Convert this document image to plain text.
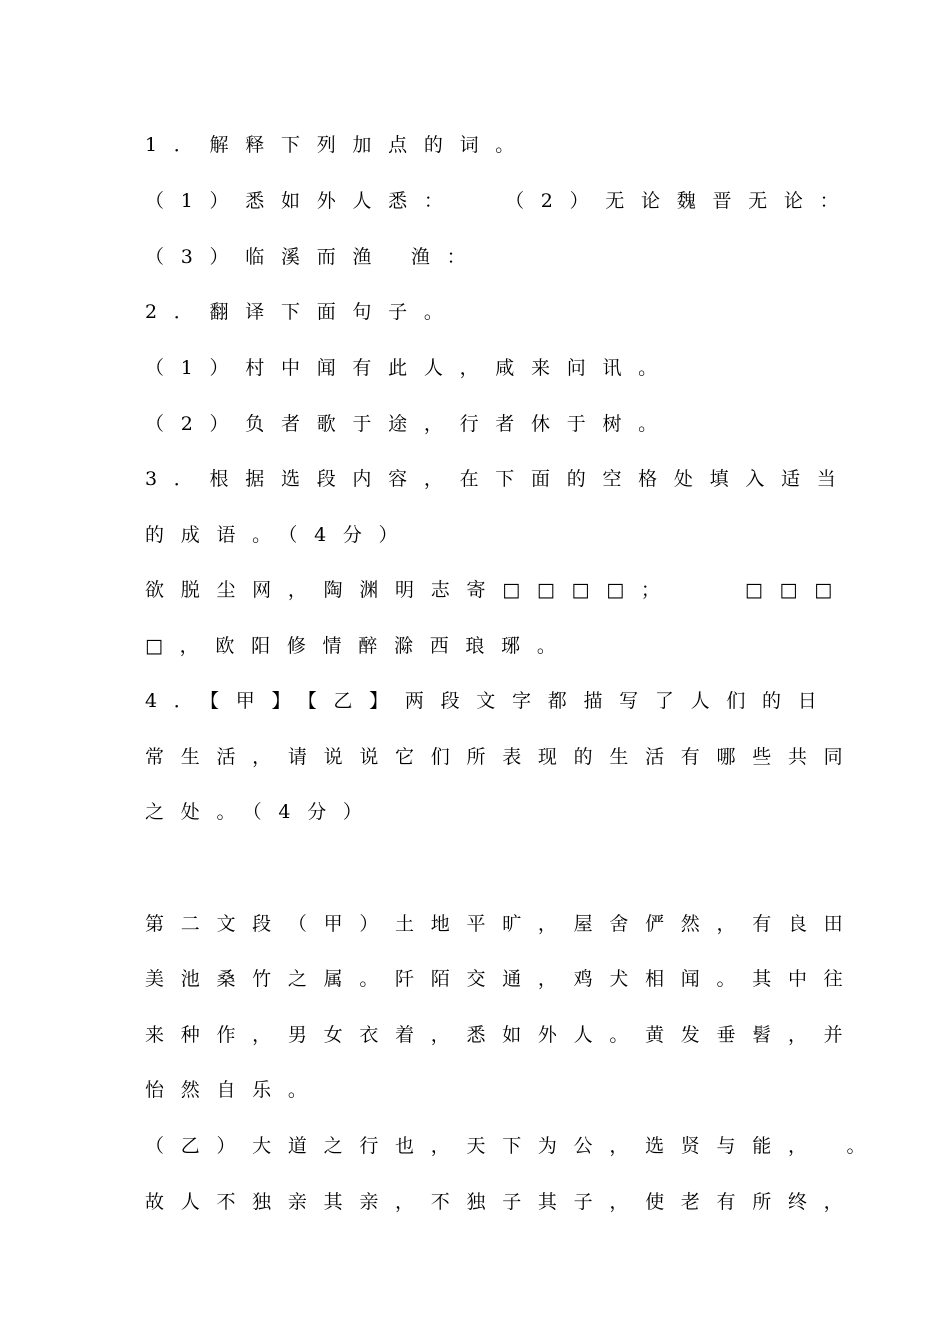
1．解释下列加点的词。
（1）悉如外人悉：  （2）无论魏晋无论：
（3）临溪而渔 渔：
2．翻译下面句子。
（1）村中闻有此人，咸来问讯。
（2）负者歌于途，行者休于树。
3．根据选段内容，在下面的空格处填入适当
的成语。（4分）
欲脱尘网，陶渊明志寄□□□□；   □□□
□，欧阳修情醉滁西琅琊。
4．【甲】【乙】两段文字都描写了人们的日
常生活，请说说它们所表现的生活有哪些共同
之处。（4分）
第二文段（甲）土地平旷，屋舍俨然，有良田
美池桑竹之属。阡陌交通，鸡犬相闻。其中往
来种作，男女衣着，悉如外人。黄发垂髫，并
怡然自乐。
（乙）大道之行也，天下为公，选贤与能， 。
故人不独亲其亲，不独子其子，使老有所终，
